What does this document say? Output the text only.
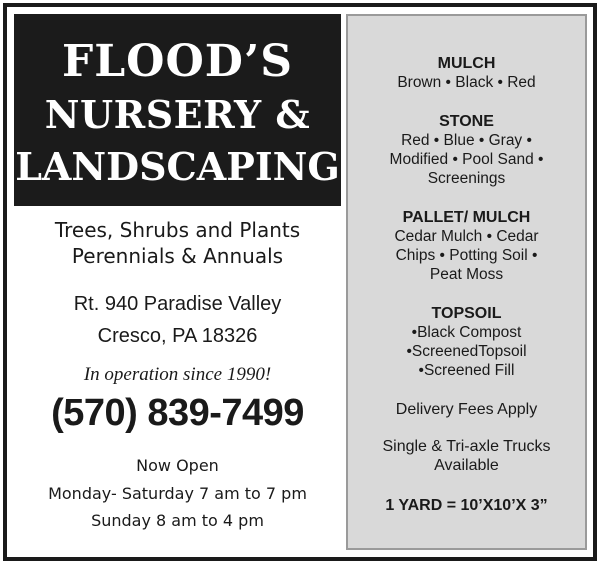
FLOOD’S
NURSERY &
LANDSCAPING
Trees, Shrubs and Plants
Perennials & Annuals
Rt. 940 Paradise Valley
Cresco, PA 18326
In operation since 1990!
(570) 839-7499
Now Open
Monday- Saturday 7 am to 7 pm
Sunday 8 am to 4 pm
MULCH
Brown • Black • Red
STONE
Red • Blue • Gray •
Modified • Pool Sand •
Screenings
PALLET/ MULCH
Cedar Mulch • Cedar
Chips • Potting Soil •
Peat Moss
TOPSOIL
•Black Compost
•ScreenedTopsoil
•Screened Fill
Delivery Fees Apply
Single & Tri-axle Trucks
Available
1 YARD = 10’X10’X 3”
